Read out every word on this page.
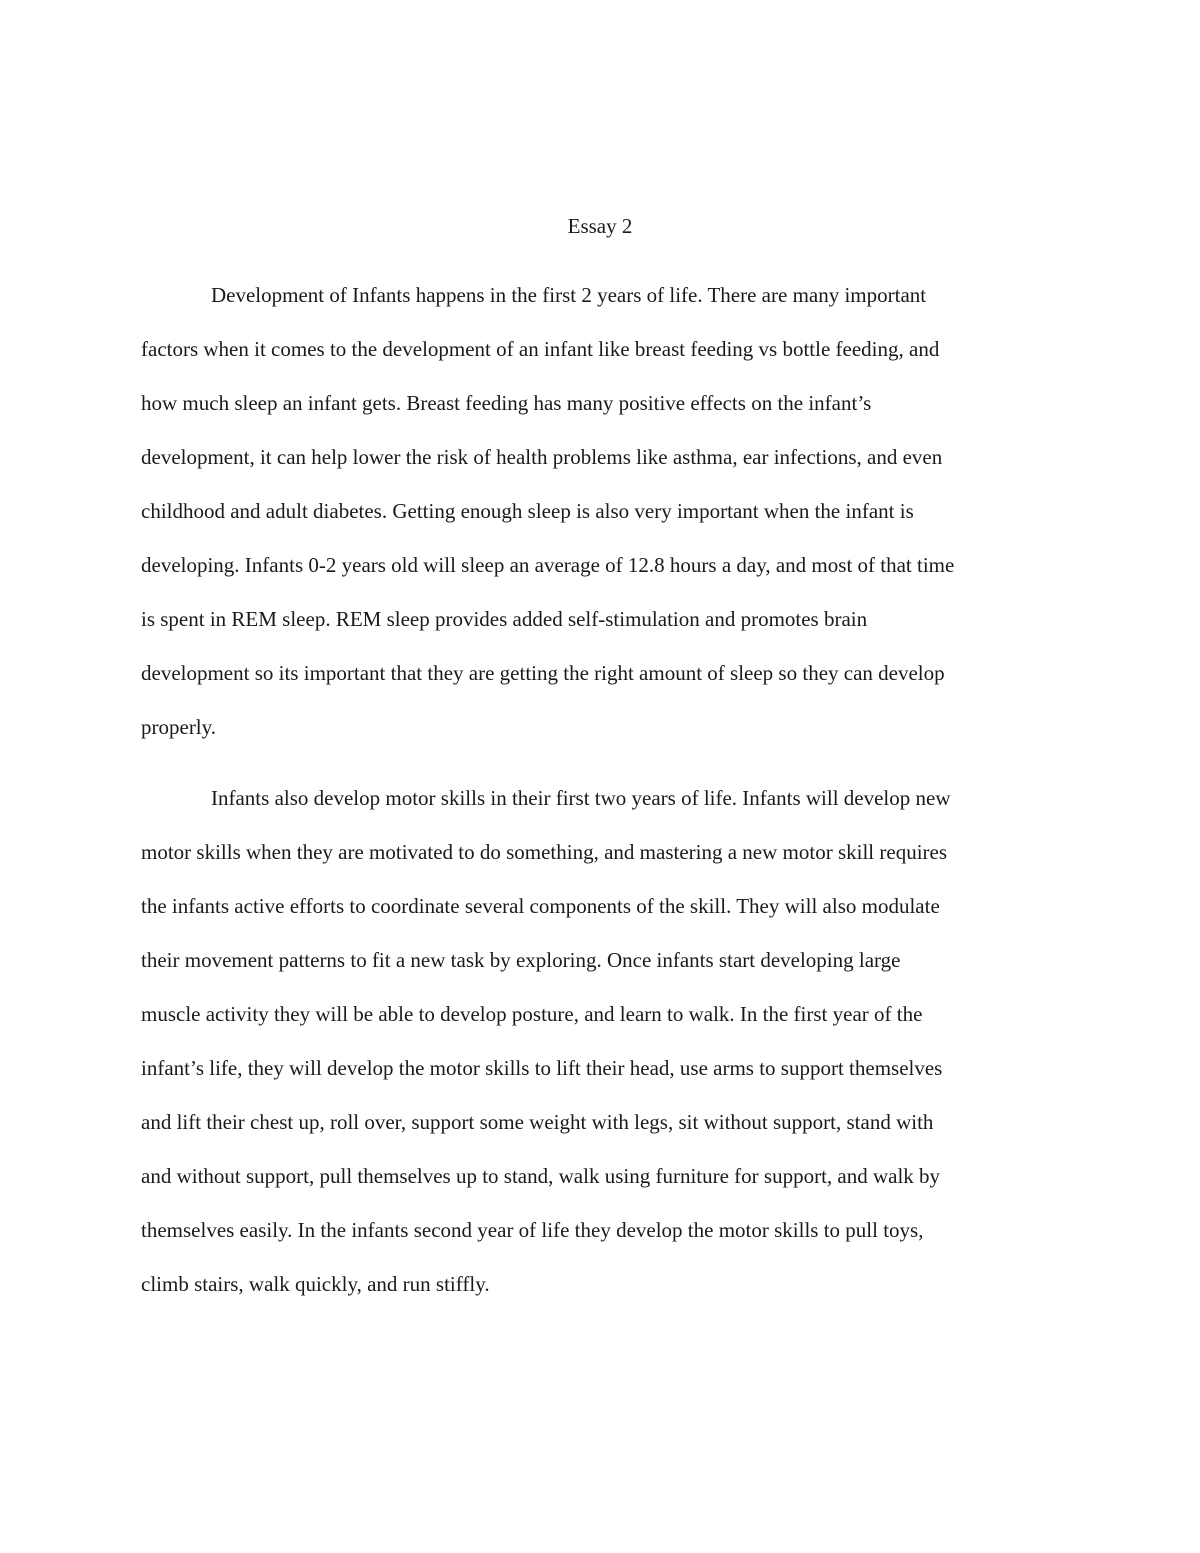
Essay 2
Development of Infants happens in the first 2 years of life. There are many important
factors when it comes to the development of an infant like breast feeding vs bottle feeding, and
how much sleep an infant gets. Breast feeding has many positive effects on the infant’s
development, it can help lower the risk of health problems like asthma, ear infections, and even
childhood and adult diabetes. Getting enough sleep is also very important when the infant is
developing. Infants 0-2 years old will sleep an average of 12.8 hours a day, and most of that time
is spent in REM sleep. REM sleep provides added self-stimulation and promotes brain
development so its important that they are getting the right amount of sleep so they can develop
properly.
Infants also develop motor skills in their first two years of life. Infants will develop new
motor skills when they are motivated to do something, and mastering a new motor skill requires
the infants active efforts to coordinate several components of the skill. They will also modulate
their movement patterns to fit a new task by exploring. Once infants start developing large
muscle activity they will be able to develop posture, and learn to walk. In the first year of the
infant’s life, they will develop the motor skills to lift their head, use arms to support themselves
and lift their chest up, roll over, support some weight with legs, sit without support, stand with
and without support, pull themselves up to stand, walk using furniture for support, and walk by
themselves easily. In the infants second year of life they develop the motor skills to pull toys,
climb stairs, walk quickly, and run stiffly.
